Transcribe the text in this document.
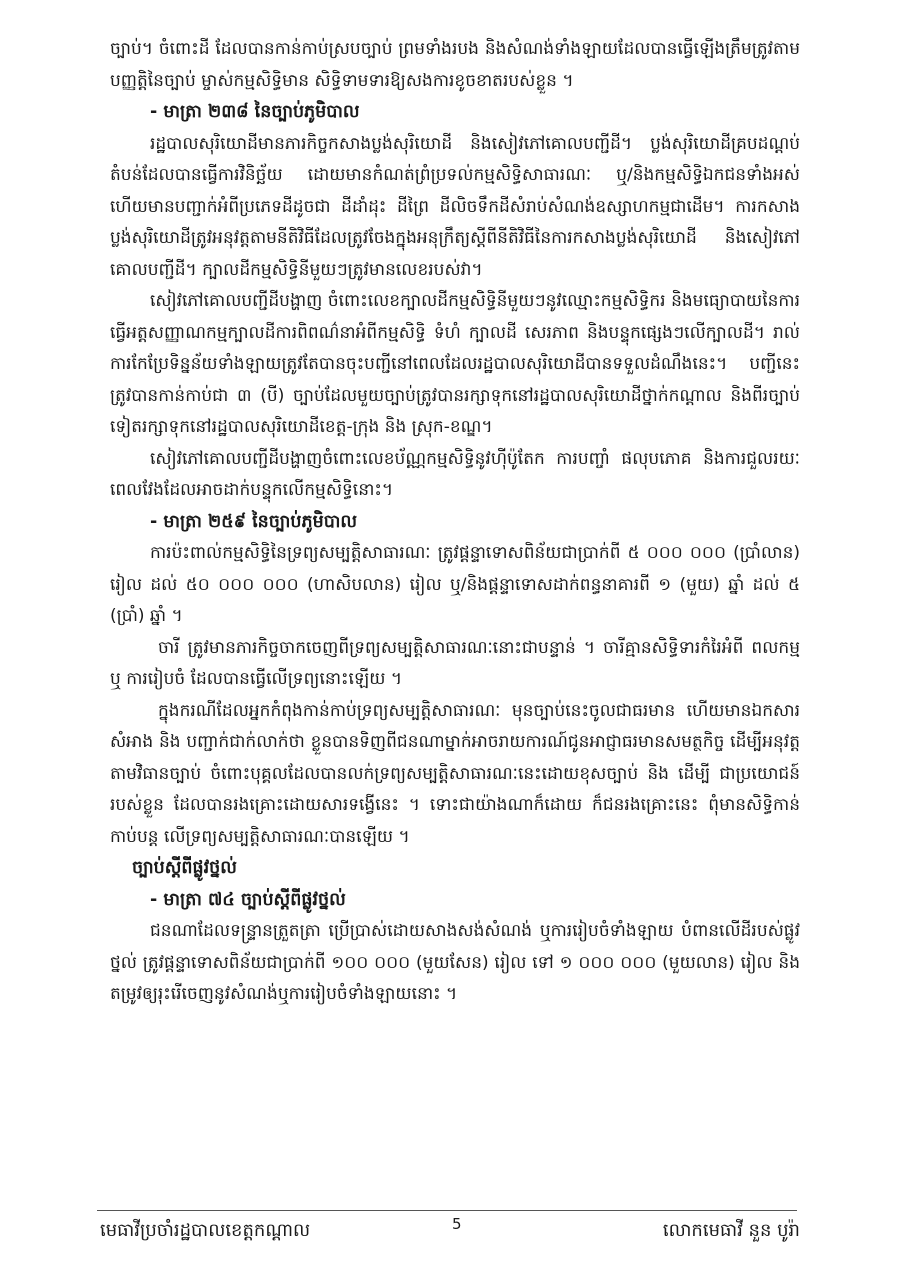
ច្បាប់។ ចំពោះដី ដែលបានកាន់កាប់ស្របច្បាប់ ព្រមទាំងរបង និងសំណង់ទាំងឡាយដែលបានធ្វើឡើងត្រឹមត្រូវតាមបញ្ញត្តិនៃច្បាប់ ម្ចាស់កម្មសិទ្ធិមាន សិទ្ធិទាមទារឱ្យសងការខូចខាតរបស់ខ្លួន ។

- មាត្រា ២៣៨ នៃច្បាប់ភូមិបាល

រដ្ឋបាលសុរិយោដីមានភារកិច្ចកសាងប្លង់សុរិយោដី និងសៀវភៅគោលបញ្ជីដី។ ប្លង់សុរិយោដីគ្របដណ្តប់តំបន់ដែលបានធ្វើការវិនិច្ឆ័យ ដោយមានកំណត់ព្រំប្រទល់កម្មសិទ្ធិសាធារណៈ ឬ/និងកម្មសិទ្ធិឯកជនទាំងអស់ ហើយមានបញ្ជាក់អំពីប្រភេទដីដូចជា ដីដាំដុះ ដីព្រៃ ដីលិចទឹកដីសំរាប់សំណង់ឧស្សាហកម្មជាដើម។ ការកសាងប្លង់សុរិយោដីត្រូវអនុវត្តតាមនីតិវិធីដែលត្រូវចែងក្នុងអនុក្រឹត្យស្តីពីនីតិវិធីនៃការកសាងប្លង់សុរិយោដី និងសៀវភៅគោលបញ្ជីដី។ ក្បាលដីកម្មសិទ្ធិនីមួយៗត្រូវមានលេខរបស់វា។

សៀវភៅគោលបញ្ជីដីបង្ហាញ ចំពោះលេខក្បាលដីកម្មសិទ្ធិនីមួយៗនូវឈ្មោះកម្មសិទ្ធិករ និងមធ្យោបាយនៃការធ្វើអត្តសញ្ញាណកម្មក្បាលដីការពិពណ៌នាអំពីកម្មសិទ្ធិ ទំហំ ក្បាលដី សេរភាព និងបន្ទុកផ្សេងៗលើក្បាលដី។ រាល់ការកែប្រែទិន្នន័យទាំងឡាយត្រូវតែបានចុះបញ្ជីនៅពេលដែលរដ្ឋបាលសុរិយោដីបានទទួលដំណឹងនេះ។ បញ្ជីនេះ ត្រូវបានកាន់កាប់ជា ៣ (បី) ច្បាប់ដែលមួយច្បាប់ត្រូវបានរក្សាទុកនៅរដ្ឋបាលសុរិយោដីថ្នាក់កណ្តាល និងពីរច្បាប់ទៀតរក្សាទុកនៅរដ្ឋបាលសុរិយោដីខេត្ត-ក្រុង និង ស្រុក-ខណ្ឌ។

សៀវភៅគោលបញ្ជីដីបង្ហាញចំពោះលេខប័ណ្ណកម្មសិទ្ធិនូវហ៊ីប៉ូតែក ការបញ្ចាំ ផលុបភោគ និងការជួលរយៈពេលវែងដែលអាចដាក់បន្ទុកលើកម្មសិទ្ធិនោះ។

- មាត្រា ២៥៩ នៃច្បាប់ភូមិបាល

ការប៉ះពាល់កម្មសិទ្ធិនៃទ្រព្យសម្បត្តិសាធារណៈ ត្រូវផ្តន្ទាទោសពិន័យជាប្រាក់ពី ៥ ០០០ ០០០ (ប្រាំលាន) រៀល ដល់ ៥០ ០០០ ០០០ (ហាសិបលាន) រៀល ឬ/និងផ្តន្ទាទោសដាក់ពន្ធនាគារពី ១ (មួយ) ឆ្នាំ ដល់ ៥ (ប្រាំ) ឆ្នាំ ។

ចារី ត្រូវមានភារកិច្ចចាកចេញពីទ្រព្យសម្បត្តិសាធារណៈនោះជាបន្ទាន់ ។ ចារីគ្មានសិទ្ធិទារកំរៃអំពី ពលកម្ម ឬ ការរៀបចំ ដែលបានធ្វើលើទ្រព្យនោះឡើយ ។

ក្នុងករណីដែលអ្នកកំពុងកាន់កាប់ទ្រព្យសម្បត្តិសាធារណៈ មុនច្បាប់នេះចូលជាធរមាន ហើយមានឯកសារសំអាង និង បញ្ជាក់ជាក់លាក់ថា ខ្លួនបានទិញពីជនណាម្នាក់អាចរាយការណ៍ជូនអាជ្ញាធរមានសមត្ថកិច្ច ដើម្បីអនុវត្តតាមវិធានច្បាប់ ចំពោះបុគ្គលដែលបានលក់ទ្រព្យសម្បត្តិសាធារណៈនេះដោយខុសច្បាប់ និង ដើម្បី ជាប្រយោជន៍របស់ខ្លួន ដែលបានរងគ្រោះដោយសារទង្វើនេះ ។ ទោះជាយ៉ាងណាក៏ដោយ ក៏ជនរងគ្រោះនេះ ពុំមានសិទ្ធិកាន់កាប់បន្ត លើទ្រព្យសម្បត្តិសាធារណៈបានឡើយ ។

ច្បាប់ស្តីពីផ្លូវថ្នល់
- មាត្រា ៧៤ ច្បាប់ស្តីពីផ្លូវថ្នល់

ជនណាដែលទន្ទ្រានត្រួតត្រា ប្រើប្រាស់ដោយសាងសង់សំណង់ ឬការរៀបចំទាំងឡាយ បំពានលើដីរបស់ផ្លូវថ្នល់ ត្រូវផ្តន្ទាទោសពិន័យជាប្រាក់ពី ១០០ ០០០ (មួយសែន) រៀល ទៅ ១ ០០០ ០០០ (មួយលាន) រៀល និងតម្រូវឲ្យរុះរើចេញនូវសំណង់ឬការរៀបចំទាំងឡាយនោះ ។

មេធាវីប្រចាំរដ្ឋបាលខេត្តកណ្តាល	5	លោកមេធាវី នួន បូរ៉ា
